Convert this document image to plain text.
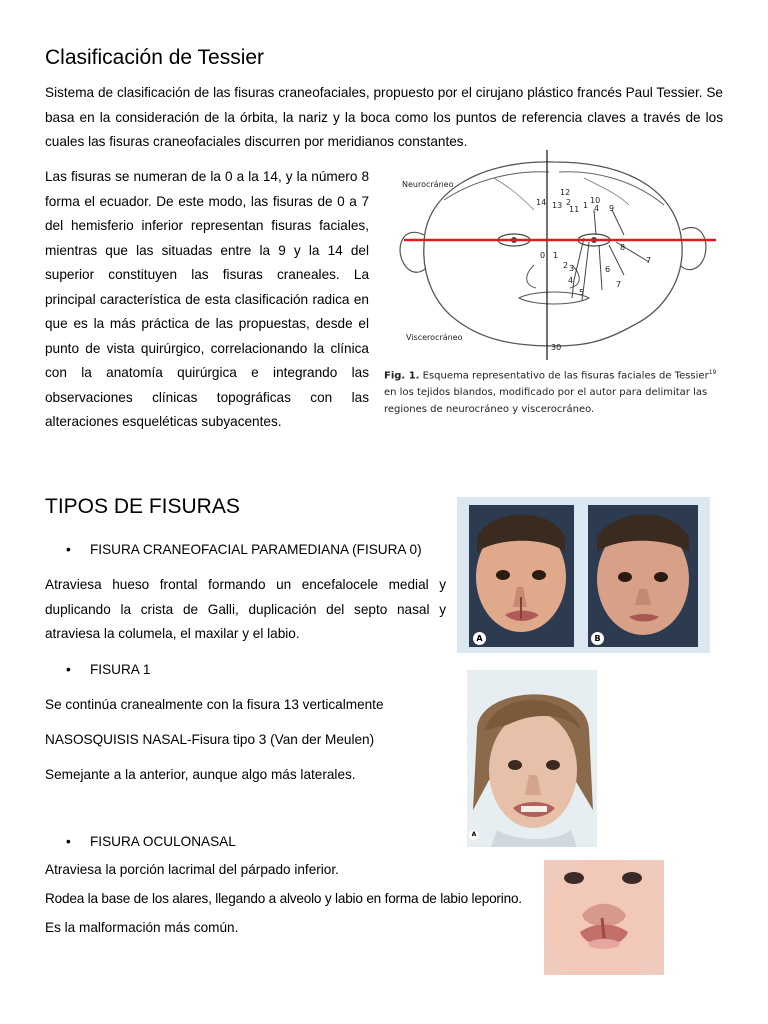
Clasificación de Tessier

Sistema de clasificación de las fisuras craneofaciales, propuesto por el cirujano plástico francés Paul Tessier. Se basa en la consideración de la órbita, la nariz y la boca como los puntos de referencia claves a través de los cuales las fisuras craneofaciales discurren por meridianos constantes.

Las fisuras se numeran de la 0 a la 14, y la número 8 forma el ecuador. De este modo, las fisuras de 0 a 7 del hemisferio inferior representan fisuras faciales, mientras que las situadas entre la 9 y la 14 del superior constituyen las fisuras craneales. La principal característica de esta clasificación radica en que es la más práctica de las propuestas, desde el punto de vista quirúrgico, correlacionando la clínica con la anatomía quirúrgica e integrando las observaciones clínicas topográficas con las alteraciones esqueléticas subyacentes.

Neurocráneo
Viscerocráneo
12
14 13 2 1
11
10
4 9
8
0 1
2 3	6
7
4
5
7
30
Fig. 1. Esquema representativo de las fisuras faciales de Tessier$^{19}$ en los tejidos blandos, modificado por el autor para delimitar las regiones de neurocráneo y viscerocráneo.
TIPOS DE FISURAS
• FISURA CRANEOFACIAL PARAMEDIANA (FISURA 0)

Atraviesa hueso frontal formando un encefalocele medial y duplicando la crista de Galli, duplicación del septo nasal y atraviesa la columela, el maxilar y el labio.	A	B
• FISURA 1

Se continúa cranealmente con la fisura 13 verticalmente

NASOSQUISIS NASAL-Fisura tipo 3 (Van der Meulen)

Semejante a la anterior, aunque algo más laterales.

A
• FISURA OCULONASAL

Atraviesa la porción lacrimal del párpado inferior.

Rodea la base de los alares, llegando a alveolo y labio en forma de labio leporino.

Es la malformación más común.
